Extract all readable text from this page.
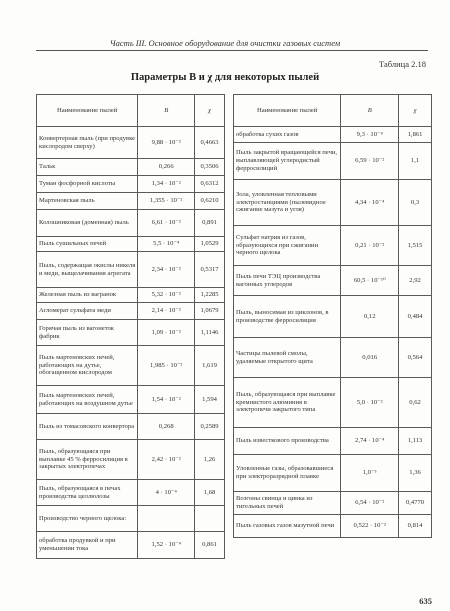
Часть III. Основное оборудование для очистки газовых систем
Таблица 2.18
Параметры B и χ для некоторых пылей
Наименование пылей	B	χ
Конвертерная пыль (при продувке кислородом сверху)	9,88 · 10⁻²	0,4663
Тальк	0,266	0,3506
Туман фосфорной кислоты	1,34 · 10⁻²	0,6312
Мартеновская пыль	1,355 · 10⁻²	0,6210
Колошниковая (доменная) пыль	6,61 · 10⁻²	0,891
Пыль сушильных печей	5,5 · 10⁻⁴	1,0529
Пыль, содержащая окислы никеля и меди, выщелачивания агрегата	2,34 · 10⁻²	0,5317
Железная пыль из вагранок	5,32 · 10⁻²	1,2285
Агломерат сульфата меди	2,14 · 10⁻²	1,0679
Горячая пыль из вагонеток фабрик	1,09 · 10⁻²	1,1146
Пыль мартеновских печей, работающих на дутье, обогащенном кислородом	1,985 · 10⁻²	1,619
Пыль мартеновских печей, работающих на воздушном дутье	1,54 · 10⁻²	1,594
Пыль из томасовского конвертора	0,268	0,2589
Пыль, образующаяся при выплавке 45 % ферросилиция в закрытых электропечах	2,42 · 10⁻²	1,26
Пыль, образующаяся в печах производства целлюлозы	4 · 10⁻⁴	1,68
Производство черного щелока:		
обработка продувкой и при уменьшении тока	1,52 · 10⁻⁴	0,861
Наименование пылей	B	χ
обработка сухих газов	9,3 · 10⁻⁴	1,861
Пыль закрытой вращающейся печи, выплавляющей углеродистый ферросилиций	6,59 · 10⁻²	1,1
Зола, уловленная тепловыми электростанциями (пылевидное сжигание мазута и угля)	4,34 · 10⁻⁴	0,3
Сульфат натрия из газов, образующихся при сжигании черного щелока	0,21 · 10⁻²	1,515
Пыль печи ТЭЦ производства вагонных углеродов	60,5 · 10⁻¹⁰	2,92
Пыль, выносимая из циклонов, в производстве ферросилиция	0,12	0,484
Частицы пылевой смолы, удаляемые открытого щита	0,016	0,564
Пыль, образующаяся при выплавке кремнистого алюминия в электропечи закрытого типа	5,0 · 10⁻²	0,62
Пыль известкового производства	2,74 · 10⁻⁴	1,113
Уловленные газы, образовавшиеся при электроразрядной плавке	1,0⁻⁵	1,36
Возгоны свинца и цинка из тигельных печей	6,54 · 10⁻²	0,4770
Пыль газовых газов мазутной печи	0,522 · 10⁻²	0,814
635
